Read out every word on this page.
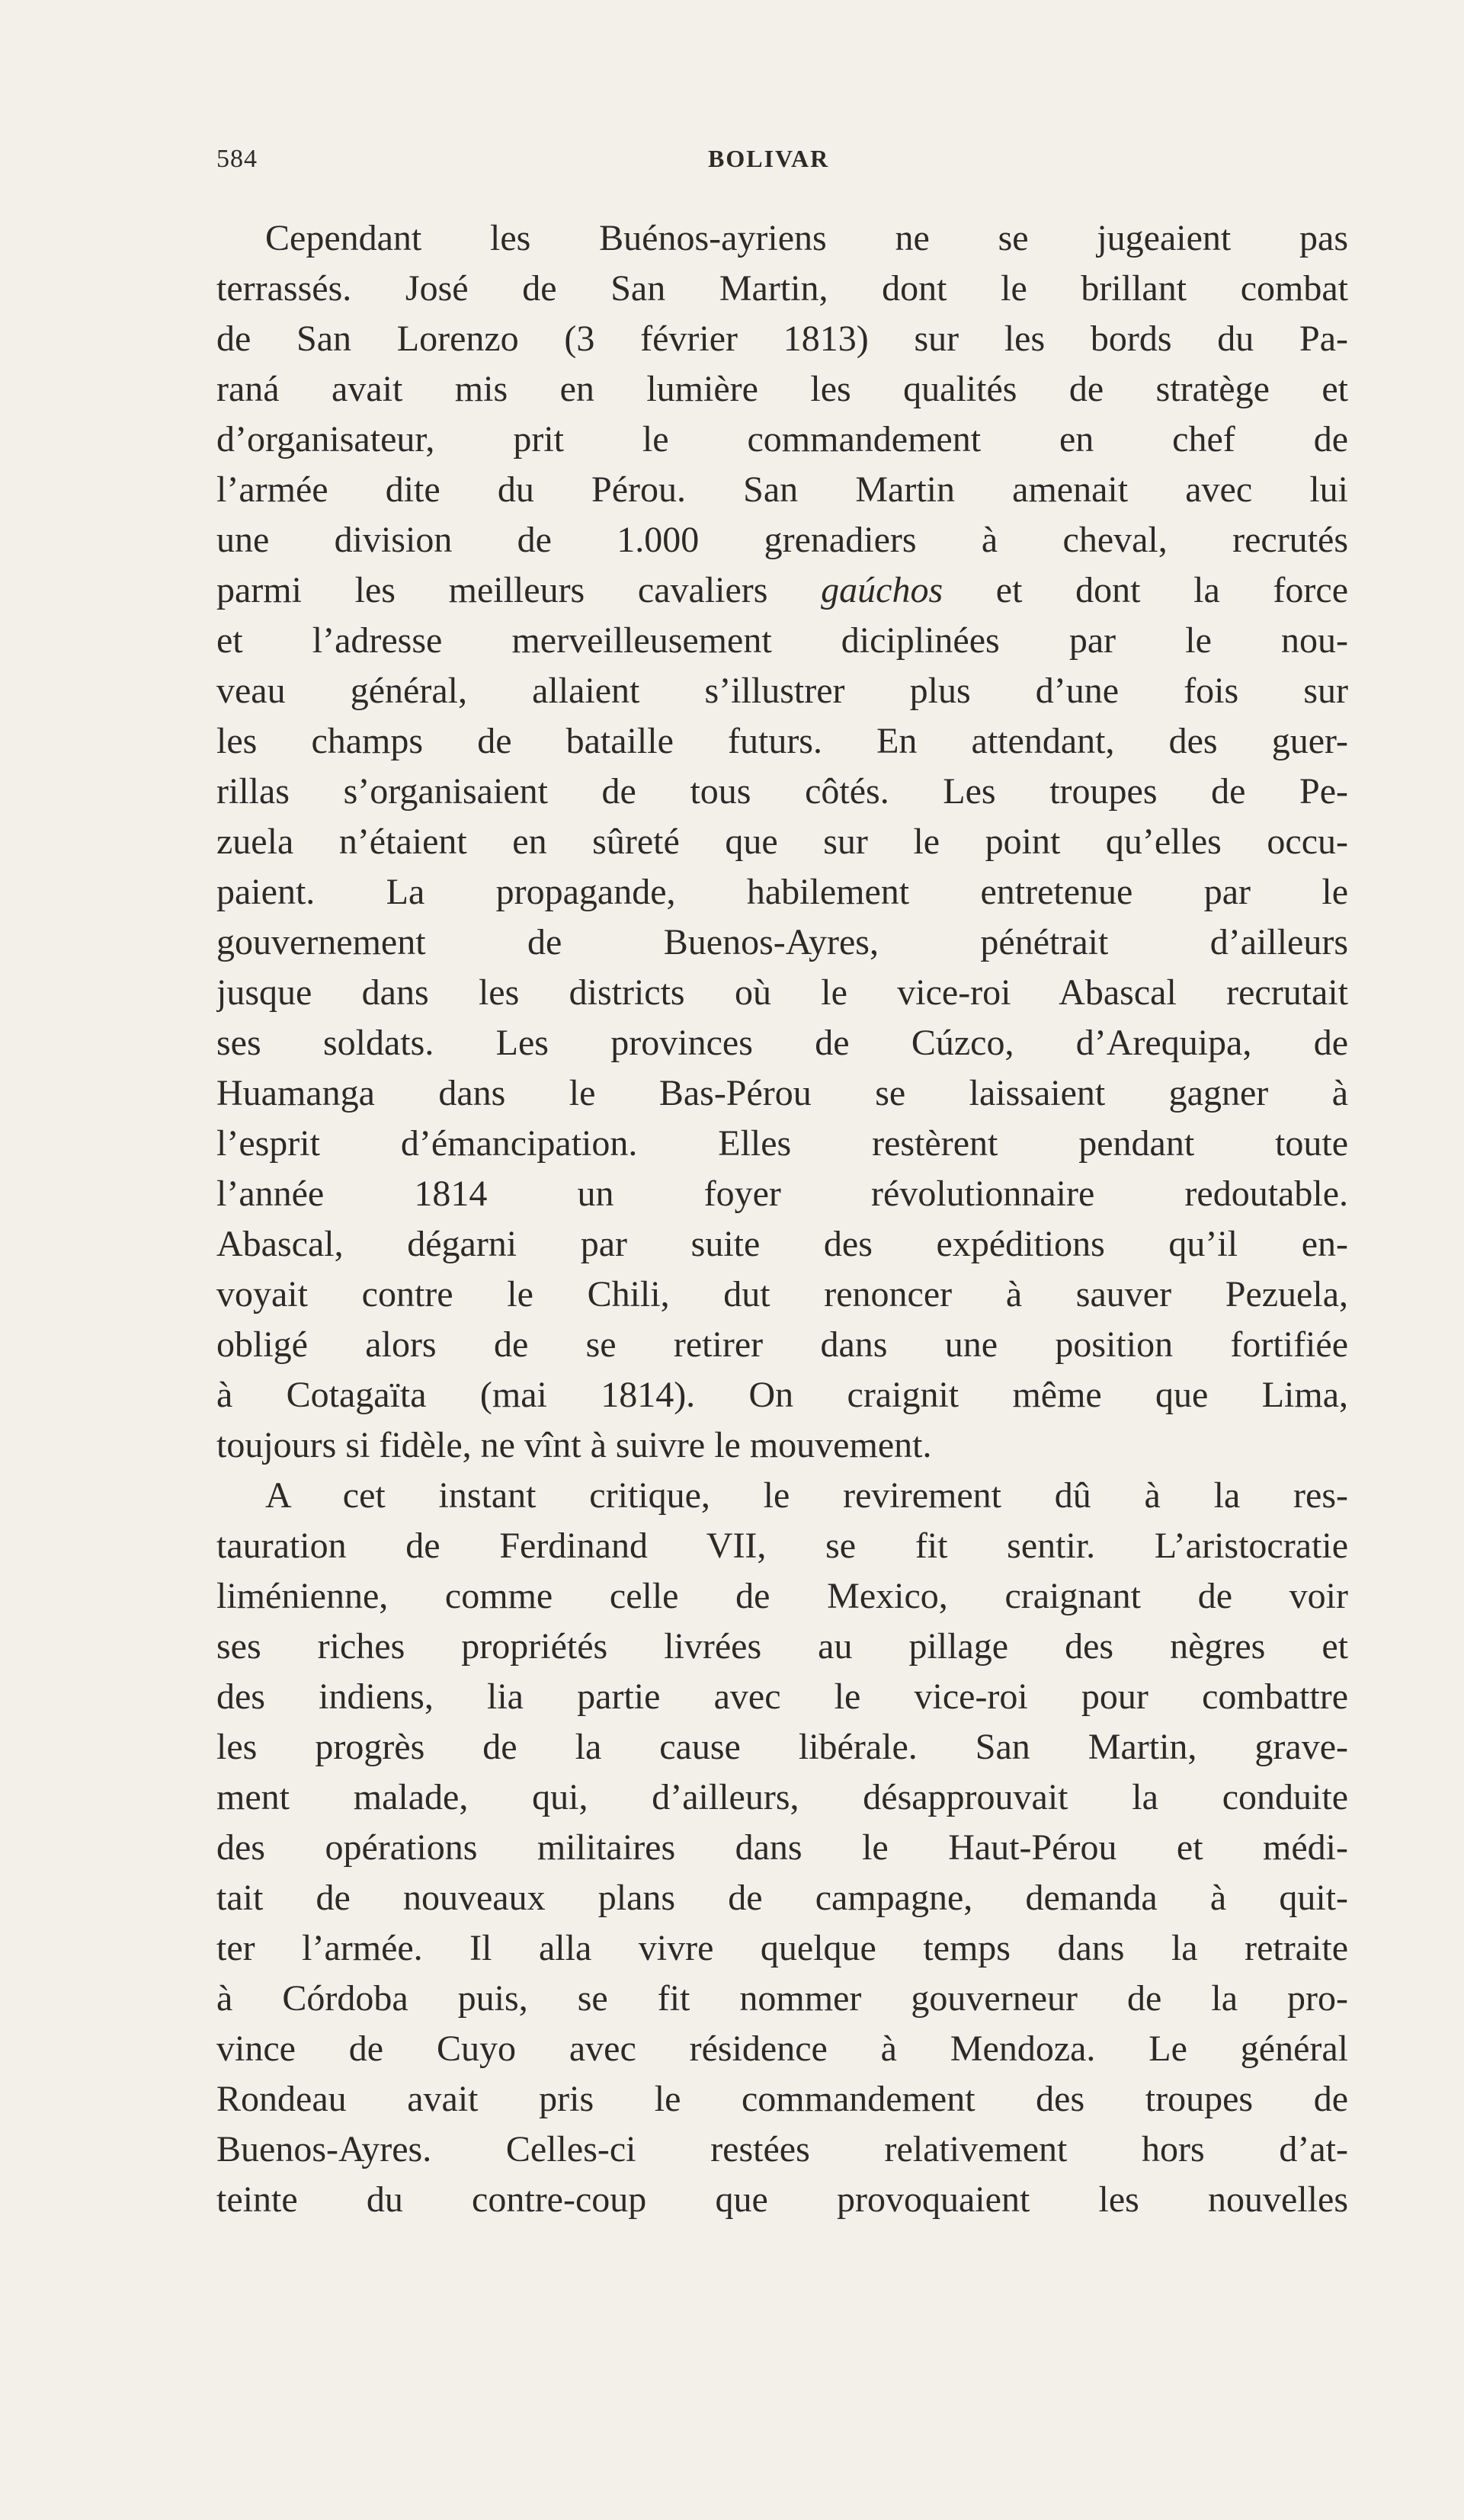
584	BOLIVAR
Cependant les Buénos-ayriens ne se jugeaient pas
terrassés. José de San Martin, dont le brillant combat
de San Lorenzo (3 février 1813) sur les bords du Pa-
raná avait mis en lumière les qualités de stratège et
d’organisateur, prit le commandement en chef de
l’armée dite du Pérou. San Martin amenait avec lui
une division de 1.000 grenadiers à cheval, recrutés
parmi les meilleurs cavaliers gaúchos et dont la force
et l’adresse merveilleusement diciplinées par le nou-
veau général, allaient s’illustrer plus d’une fois sur
les champs de bataille futurs. En attendant, des guer-
rillas s’organisaient de tous côtés. Les troupes de Pe-
zuela n’étaient en sûreté que sur le point qu’elles occu-
paient. La propagande, habilement entretenue par le
gouvernement de Buenos-Ayres, pénétrait d’ailleurs
jusque dans les districts où le vice-roi Abascal recrutait
ses soldats. Les provinces de Cúzco, d’Arequipa, de
Huamanga dans le Bas-Pérou se laissaient gagner à
l’esprit d’émancipation. Elles restèrent pendant toute
l’année 1814 un foyer révolutionnaire redoutable.
Abascal, dégarni par suite des expéditions qu’il en-
voyait contre le Chili, dut renoncer à sauver Pezuela,
obligé alors de se retirer dans une position fortifiée
à Cotagaïta (mai 1814). On craignit même que Lima,
toujours si fidèle, ne vînt à suivre le mouvement.
A cet instant critique, le revirement dû à la res-
tauration de Ferdinand VII, se fit sentir. L’aristocratie
liménienne, comme celle de Mexico, craignant de voir
ses riches propriétés livrées au pillage des nègres et
des indiens, lia partie avec le vice-roi pour combattre
les progrès de la cause libérale. San Martin, grave-
ment malade, qui, d’ailleurs, désapprouvait la conduite
des opérations militaires dans le Haut-Pérou et médi-
tait de nouveaux plans de campagne, demanda à quit-
ter l’armée. Il alla vivre quelque temps dans la retraite
à Córdoba puis, se fit nommer gouverneur de la pro-
vince de Cuyo avec résidence à Mendoza. Le général
Rondeau avait pris le commandement des troupes de
Buenos-Ayres. Celles-ci restées relativement hors d’at-
teinte du contre-coup que provoquaient les nouvelles
